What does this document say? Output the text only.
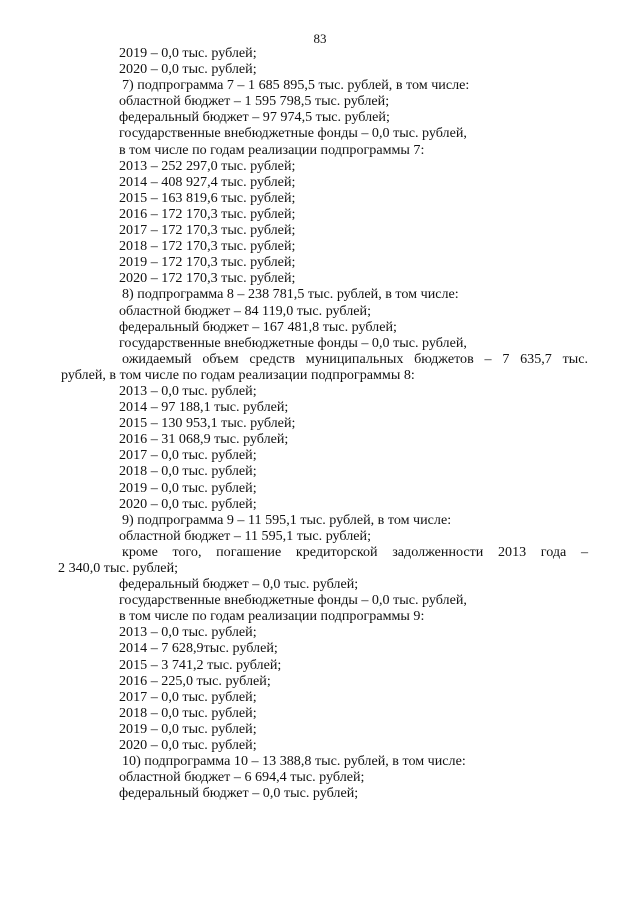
83
2019 – 0,0 тыс. рублей;
2020 – 0,0 тыс. рублей;
7) подпрограмма 7 – 1 685 895,5 тыс. рублей, в том числе:
областной бюджет – 1 595 798,5 тыс. рублей;
федеральный бюджет – 97 974,5 тыс. рублей;
государственные внебюджетные фонды – 0,0 тыс. рублей,
в том числе по годам реализации подпрограммы 7:
2013 – 252 297,0 тыс. рублей;
2014 – 408 927,4 тыс. рублей;
2015 – 163 819,6 тыс. рублей;
2016 – 172 170,3 тыс. рублей;
2017 – 172 170,3 тыс. рублей;
2018 – 172 170,3 тыс. рублей;
2019 – 172 170,3 тыс. рублей;
2020 – 172 170,3 тыс. рублей;
8) подпрограмма 8 – 238 781,5 тыс. рублей, в том числе:
областной бюджет – 84 119,0 тыс. рублей;
федеральный бюджет – 167 481,8 тыс. рублей;
государственные внебюджетные фонды – 0,0 тыс. рублей,
ожидаемый объем средств муниципальных бюджетов – 7 635,7 тыс.
рублей, в том числе по годам реализации подпрограммы 8:
2013 – 0,0 тыс. рублей;
2014 – 97 188,1 тыс. рублей;
2015 – 130 953,1 тыс. рублей;
2016 – 31 068,9 тыс. рублей;
2017 – 0,0 тыс. рублей;
2018 – 0,0 тыс. рублей;
2019 – 0,0 тыс. рублей;
2020 – 0,0 тыс. рублей;
9) подпрограмма 9 – 11 595,1 тыс. рублей, в том числе:
областной бюджет – 11 595,1 тыс. рублей;
кроме того, погашение кредиторской задолженности 2013 года –
2 340,0 тыс. рублей;
федеральный бюджет – 0,0 тыс. рублей;
государственные внебюджетные фонды – 0,0 тыс. рублей,
в том числе по годам реализации подпрограммы 9:
2013 – 0,0 тыс. рублей;
2014 – 7 628,9тыс. рублей;
2015 – 3 741,2 тыс. рублей;
2016 – 225,0 тыс. рублей;
2017 – 0,0 тыс. рублей;
2018 – 0,0 тыс. рублей;
2019 – 0,0 тыс. рублей;
2020 – 0,0 тыс. рублей;
10) подпрограмма 10 – 13 388,8 тыс. рублей, в том числе:
областной бюджет – 6 694,4 тыс. рублей;
федеральный бюджет – 0,0 тыс. рублей;
